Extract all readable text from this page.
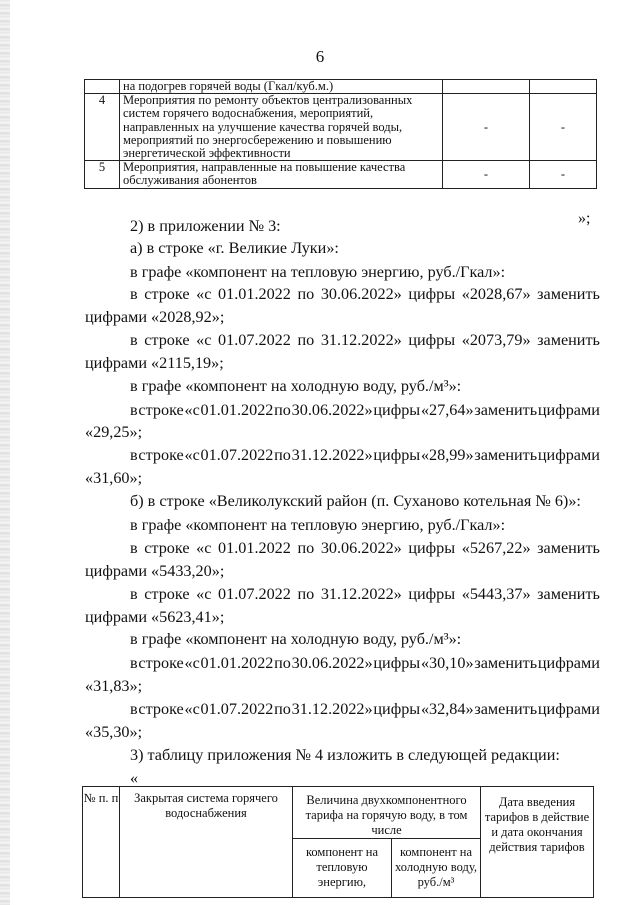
6
	на подогрев горячей воды (Гкал/куб.м.)		
4	Мероприятия по ремонту объектов централизованных систем горячего водоснабжения, мероприятий, направленных на улучшение качества горячей воды, мероприятий по энергосбережению и повышению энергетической эффективности	-	-
5	Мероприятия, направленные на повышение качества обслуживания абонентов	-	-
»;
2) в приложении № 3:
а) в строке «г. Великие Луки»:
в графе «компонент на тепловую энергию, руб./Гкал»:
в строке «с 01.01.2022 по 30.06.2022» цифры «2028,67» заменить
цифрами «2028,92»;
в строке «с 01.07.2022 по 31.12.2022» цифры «2073,79» заменить
цифрами «2115,19»;
в графе «компонент на холодную воду, руб./м³»:
в строке «с 01.01.2022 по 30.06.2022» цифры «27,64» заменить цифрами
«29,25»;
в строке «с 01.07.2022 по 31.12.2022» цифры «28,99» заменить цифрами
«31,60»;
б) в строке «Великолукский район (п. Суханово котельная № 6)»:
в графе «компонент на тепловую энергию, руб./Гкал»:
в строке «с 01.01.2022 по 30.06.2022» цифры «5267,22» заменить
цифрами «5433,20»;
в строке «с 01.07.2022 по 31.12.2022» цифры «5443,37» заменить
цифрами «5623,41»;
в графе «компонент на холодную воду, руб./м³»:
в строке «с 01.01.2022 по 30.06.2022» цифры «30,10» заменить цифрами
«31,83»;
в строке «с 01.07.2022 по 31.12.2022» цифры «32,84» заменить цифрами
«35,30»;
3) таблицу приложения № 4 изложить в следующей редакции:
«
№ п. п	Закрытая система горячего водоснабжения	Величина двухкомпонентного тарифа на горячую воду, в том числе		Дата введения тарифов в действие и дата окончания действия тарифов
		компонент на тепловую энергию,	компонент на холодную воду, руб./м³	
